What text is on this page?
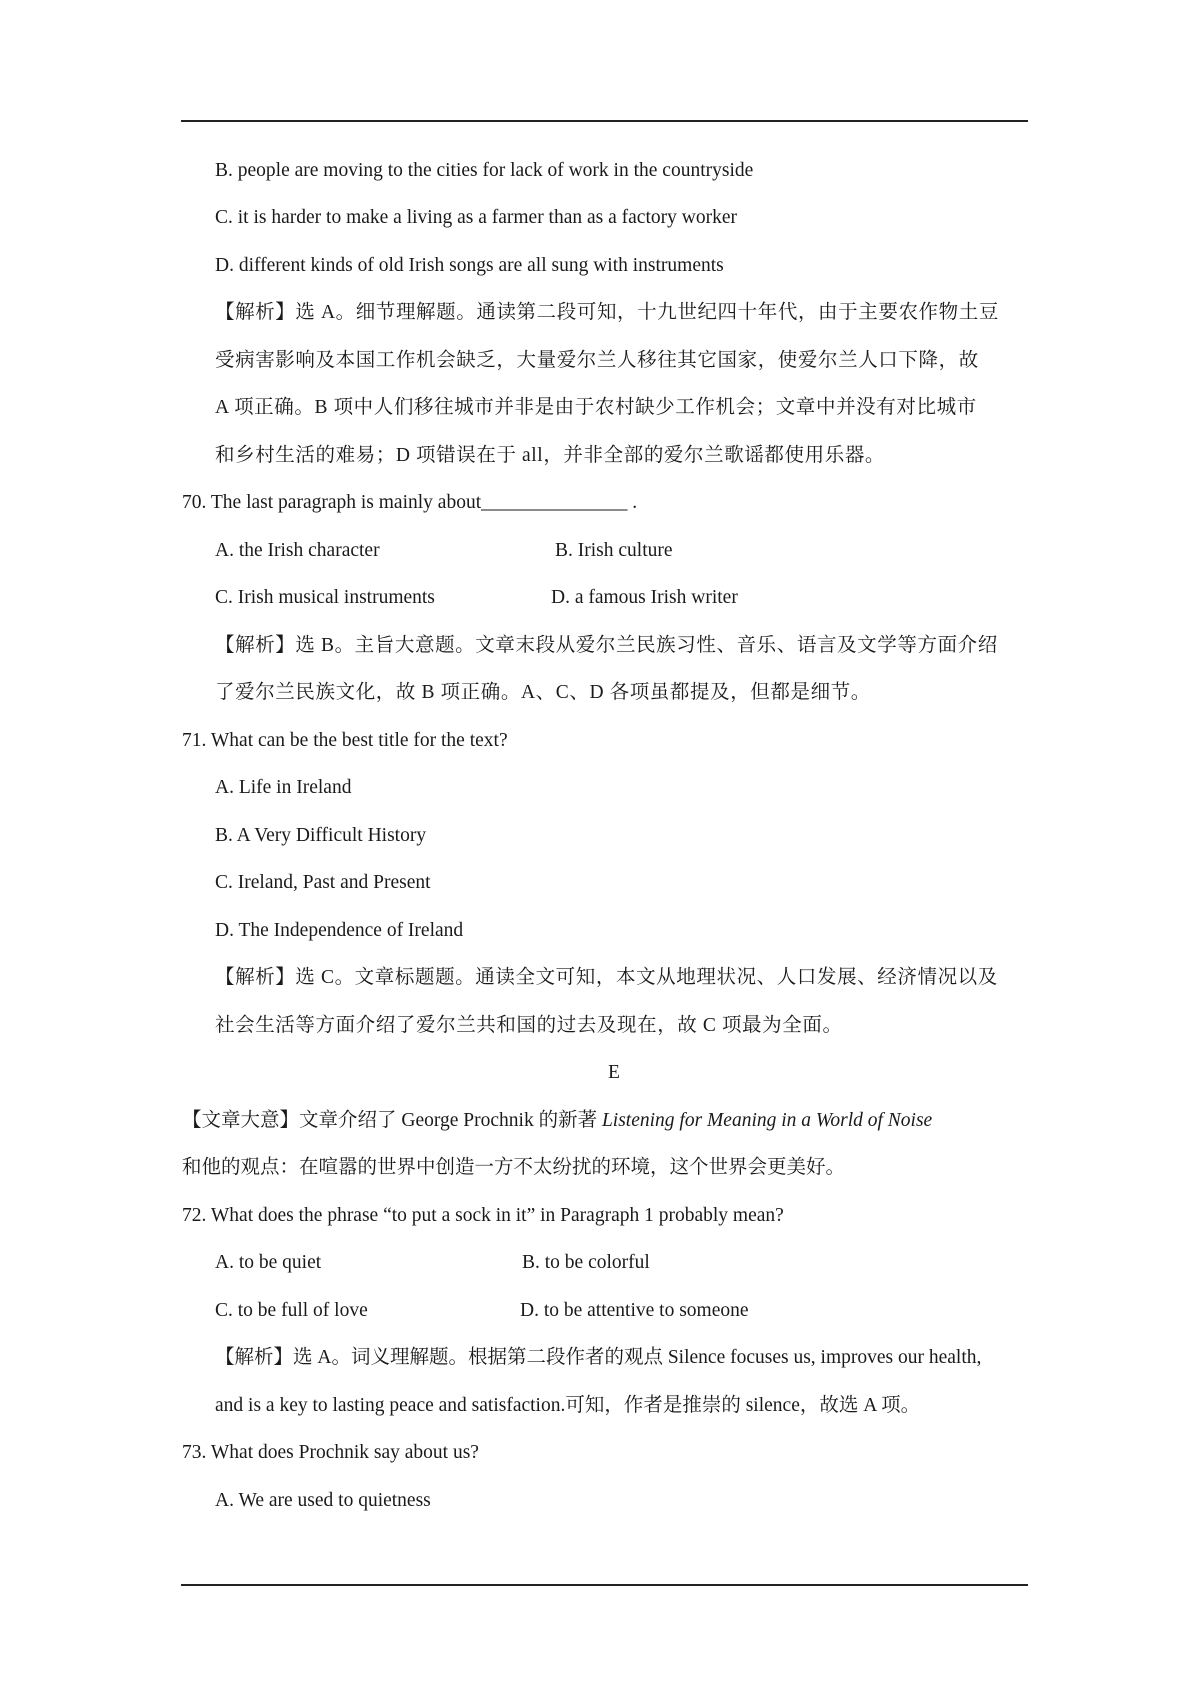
B. people are moving to the cities for lack of work in the countryside
C. it is harder to make a living as a farmer than as a factory worker
D. different kinds of old Irish songs are all sung with instruments
【解析】选 A。细节理解题。通读第二段可知，十九世纪四十年代，由于主要农作物土豆
受病害影响及本国工作机会缺乏，大量爱尔兰人移往其它国家，使爱尔兰人口下降，故
A 项正确。B 项中人们移往城市并非是由于农村缺少工作机会；文章中并没有对比城市
和乡村生活的难易；D 项错误在于 all，并非全部的爱尔兰歌谣都使用乐器。
70. The last paragraph is mainly about_______________ .
A. the Irish character	B. Irish culture
C. Irish musical instruments	D. a famous Irish writer
【解析】选 B。主旨大意题。文章末段从爱尔兰民族习性、音乐、语言及文学等方面介绍
了爱尔兰民族文化，故 B 项正确。A、C、D 各项虽都提及，但都是细节。
71. What can be the best title for the text?
A. Life in Ireland
B. A Very Difficult History
C. Ireland, Past and Present
D. The Independence of Ireland
【解析】选 C。文章标题题。通读全文可知，本文从地理状况、人口发展、经济情况以及
社会生活等方面介绍了爱尔兰共和国的过去及现在，故 C 项最为全面。
E
【文章大意】文章介绍了 George Prochnik 的新著 Listening for Meaning in a World of Noise
和他的观点：在喧嚣的世界中创造一方不太纷扰的环境，这个世界会更美好。
72. What does the phrase “to put a sock in it” in Paragraph 1 probably mean?
A. to be quiet	B. to be colorful
C. to be full of love	D. to be attentive to someone
【解析】选 A。词义理解题。根据第二段作者的观点 Silence focuses us, improves our health,
and is a key to lasting peace and satisfaction.可知，作者是推崇的 silence，故选 A 项。
73. What does Prochnik say about us?
A. We are used to quietness
